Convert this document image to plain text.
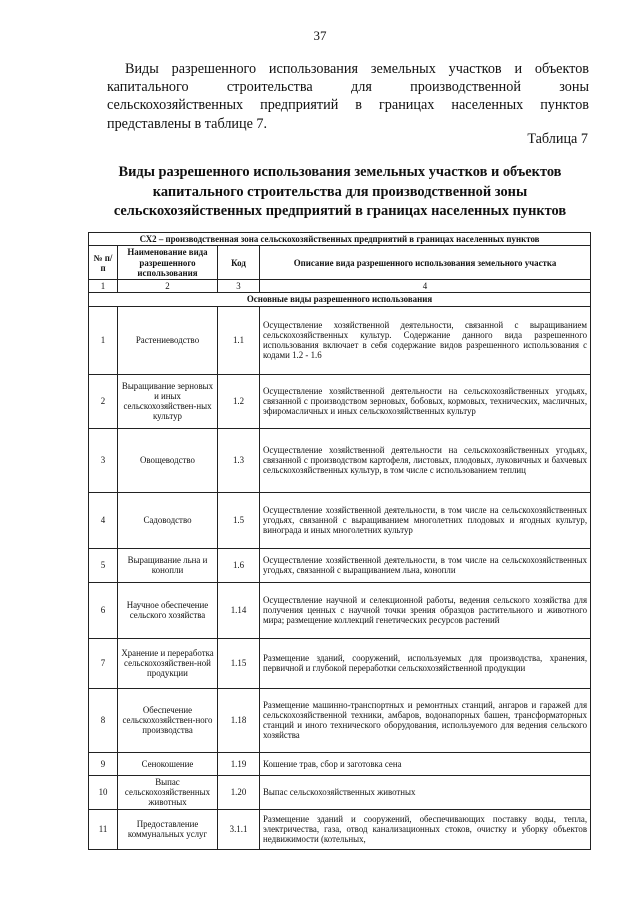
37

Виды разрешенного использования земельных участков и объектов капитального строительства для производственной зоны сельскохозяйственных предприятий в границах населенных пунктов представлены в таблице 7.

Таблица 7
Виды разрешенного использования земельных участков и объектов капитального строительства для производственной зоны сельскохозяйственных предприятий в границах населенных пунктов
СХ2 – производственная зона сельскохозяйственных предприятий в границах населенных пунктов			
№ п/п	Наименование вида разрешенного использования	Код	Описание вида разрешенного использования земельного участка
1	2	3	4
Основные виды разрешенного использования			
1	Растениеводство	1.1	Осуществление хозяйственной деятельности, связанной с выращиванием сельскохозяйственных культур. Содержание данного вида разрешенного использования включает в себя содержание видов разрешенного использования с кодами 1.2 - 1.6
2	Выращивание зерновых и иных сельскохозяйствен-ных культур	1.2	Осуществление хозяйственной деятельности на сельскохозяйственных угодьях, связанной с производством зерновых, бобовых, кормовых, технических, масличных, эфиромасличных и иных сельскохозяйственных культур
3	Овощеводство	1.3	Осуществление хозяйственной деятельности на сельскохозяйственных угодьях, связанной с производством картофеля, листовых, плодовых, луковичных и бахчевых сельскохозяйственных культур, в том числе с использованием теплиц
4	Садоводство	1.5	Осуществление хозяйственной деятельности, в том числе на сельскохозяйственных угодьях, связанной с выращиванием многолетних плодовых и ягодных культур, винограда и иных многолетних культур
5	Выращивание льна и конопли	1.6	Осуществление хозяйственной деятельности, в том числе на сельскохозяйственных угодьях, связанной с выращиванием льна, конопли
6	Научное обеспечение сельского хозяйства	1.14	Осуществление научной и селекционной работы, ведения сельского хозяйства для получения ценных с научной точки зрения образцов растительного и животного мира; размещение коллекций генетических ресурсов растений
7	Хранение и переработка сельскохозяйствен-ной продукции	1.15	Размещение зданий, сооружений, используемых для производства, хранения, первичной и глубокой переработки сельскохозяйственной продукции
8	Обеспечение сельскохозяйствен-ного производства	1.18	Размещение машинно-транспортных и ремонтных станций, ангаров и гаражей для сельскохозяйственной техники, амбаров, водонапорных башен, трансформаторных станций и иного технического оборудования, используемого для ведения сельского хозяйства
9	Сенокошение	1.19	Кошение трав, сбор и заготовка сена
10	Выпас сельскохозяйственных животных	1.20	Выпас сельскохозяйственных животных
11	Предоставление коммунальных услуг	3.1.1	Размещение зданий и сооружений, обеспечивающих поставку воды, тепла, электричества, газа, отвод канализационных стоков, очистку и уборку объектов недвижимости (котельных,
